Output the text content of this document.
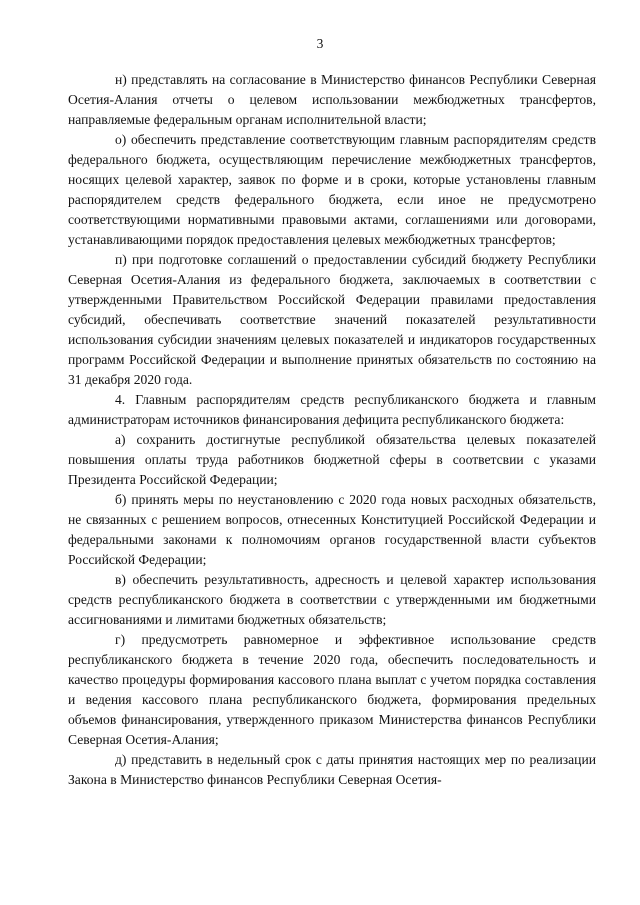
3

н) представлять на согласование в Министерство финансов Республики Северная Осетия-Алания отчеты о целевом использовании межбюджетных трансфертов, направляемые федеральным органам исполнительной власти;

о) обеспечить представление соответствующим главным распорядителям средств федерального бюджета, осуществляющим перечисление межбюджетных трансфертов, носящих целевой характер, заявок по форме и в сроки, которые установлены главным распорядителем средств федерального бюджета, если иное не предусмотрено соответствующими нормативными правовыми актами, соглашениями или договорами, устанавливающими порядок предоставления целевых межбюджетных трансфертов;

п) при подготовке соглашений о предоставлении субсидий бюджету Республики Северная Осетия-Алания из федерального бюджета, заключаемых в соответствии с утвержденными Правительством Российской Федерации правилами предоставления субсидий, обеспечивать соответствие значений показателей результативности использования субсидии значениям целевых показателей и индикаторов государственных программ Российской Федерации и выполнение принятых обязательств по состоянию на 31 декабря 2020 года.

4. Главным распорядителям средств республиканского бюджета и главным администраторам источников финансирования дефицита республиканского бюджета:

а) сохранить достигнутые республикой обязательства целевых показателей повышения оплаты труда работников бюджетной сферы в соответсвии с указами Президента Российской Федерации;

б) принять меры по неустановлению с 2020 года новых расходных обязательств, не связанных с решением вопросов, отнесенных Конституцией Российской Федерации и федеральными законами к полномочиям органов государственной власти субъектов Российской Федерации;

в) обеспечить результативность, адресность и целевой характер использования средств республиканского бюджета в соответствии с утвержденными им бюджетными ассигнованиями и лимитами бюджетных обязательств;

г) предусмотреть равномерное и эффективное использование средств республиканского бюджета в течение 2020 года, обеспечить последовательность и качество процедуры формирования кассового плана выплат с учетом порядка составления и ведения кассового плана республиканского бюджета, формирования предельных объемов финансирования, утвержденного приказом Министерства финансов Республики Северная Осетия-Алания;

д) представить в недельный срок с даты принятия настоящих мер по реализации Закона в Министерство финансов Республики Северная Осетия-
